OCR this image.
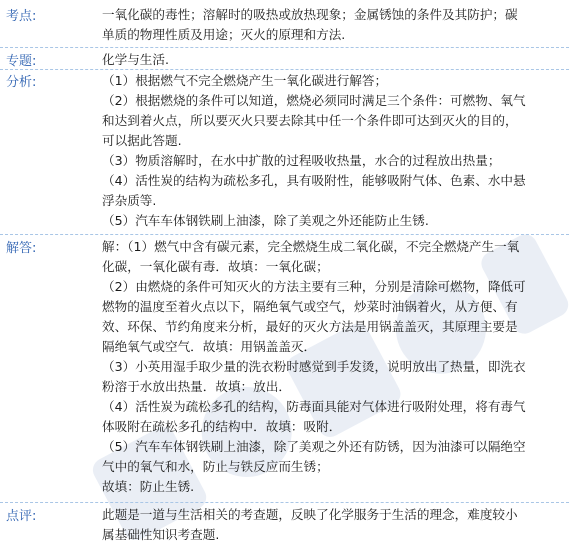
考点:	一氧化碳的毒性；溶解时的吸热或放热现象；金属锈蚀的条件及其防护；碳
单质的物理性质及用途；灭火的原理和方法.
专题:	化学与生活.
分析:	（1）根据燃气不完全燃烧产生一氧化碳进行解答；
（2）根据燃烧的条件可以知道，燃烧必须同时满足三个条件：可燃物、氧气
和达到着火点，所以要灭火只要去除其中任一个条件即可达到灭火的目的，
可以据此答题.
（3）物质溶解时，在水中扩散的过程吸收热量，水合的过程放出热量；
（4）活性炭的结构为疏松多孔，具有吸附性，能够吸附气体、色素、水中悬
浮杂质等.
（5）汽车车体钢铁刷上油漆，除了美观之外还能防止生锈.
解答:	解：（1）燃气中含有碳元素，完全燃烧生成二氧化碳，不完全燃烧产生一氧
化碳，一氧化碳有毒．故填：一氧化碳；
（2）由燃烧的条件可知灭火的方法主要有三种，分别是清除可燃物，降低可
燃物的温度至着火点以下，隔绝氧气或空气，炒菜时油锅着火，从方便、有
效、环保、节约角度来分析，最好的灭火方法是用锅盖盖灭，其原理主要是
隔绝氧气或空气．故填：用锅盖盖灭．
（3）小英用湿手取少量的洗衣粉时感觉到手发烫，说明放出了热量，即洗衣
粉溶于水放出热量．故填：放出．
（4）活性炭为疏松多孔的结构，防毒面具能对气体进行吸附处理，将有毒气
体吸附在疏松多孔的结构中．故填：吸附．
（5）汽车车体钢铁刷上油漆，除了美观之外还有防锈，因为油漆可以隔绝空
气中的氧气和水，防止与铁反应而生锈；
故填：防止生锈.
点评:	此题是一道与生活相关的考查题，反映了化学服务于生活的理念，难度较小
属基础性知识考查题.
